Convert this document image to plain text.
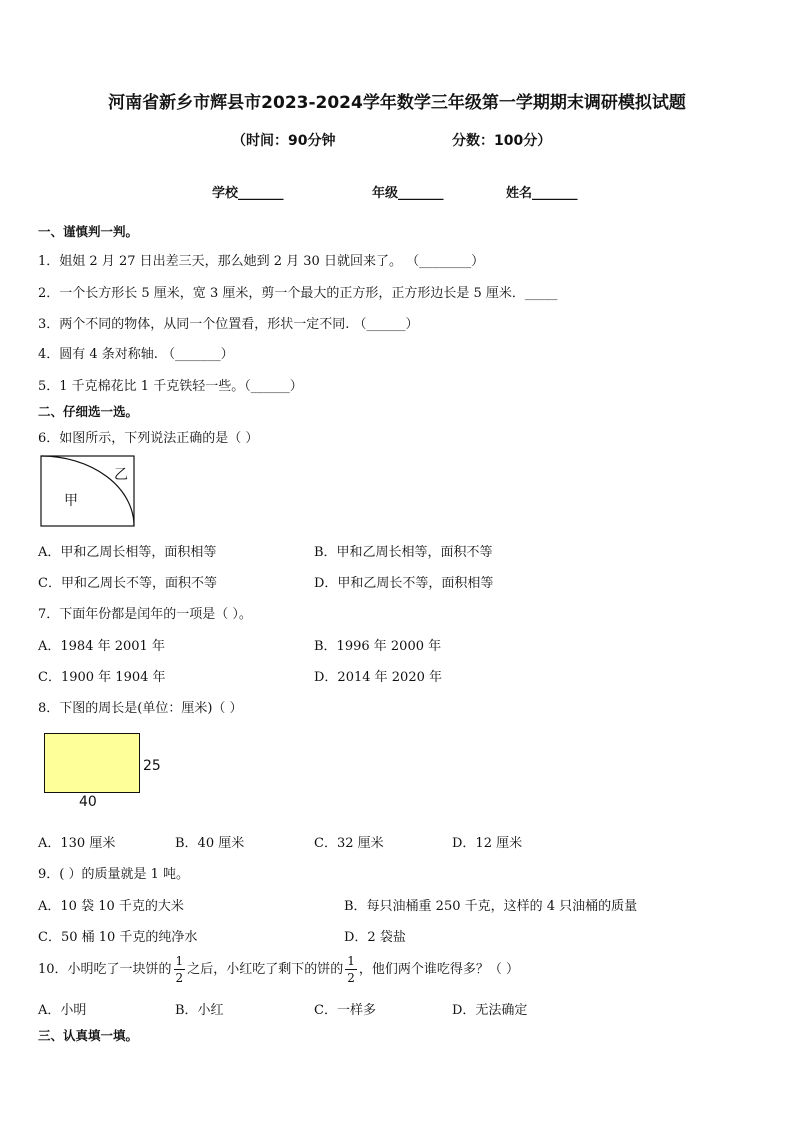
河南省新乡市辉县市2023-2024学年数学三年级第一学期期末调研模拟试题
（时间：90分钟	分数：100分）
学校_______	年级_______	姓名_______
一、谨慎判一判。
1．姐姐 2 月 27 日出差三天，那么她到 2 月 30 日就回来了。 （________）
2．一个长方形长 5 厘米，宽 3 厘米，剪一个最大的正方形，正方形边长是 5 厘米．_____
3．两个不同的物体，从同一个位置看，形状一定不同. （______）
4．圆有 4 条对称轴. （_______）
5．1 千克棉花比 1 千克铁轻一些。（______）
二、仔细选一选。
6．如图所示，下列说法正确的是（ ）
甲
乙
A．甲和乙周长相等，面积相等	B．甲和乙周长相等，面积不等
C．甲和乙周长不等，面积不等	D．甲和乙周长不等，面积相等
7．下面年份都是闰年的一项是（ ）。
A．1984 年 2001 年	B．1996 年 2000 年
C．1900 年 1904 年	D．2014 年 2020 年
8．下图的周长是(单位：厘米)（ ）
25
40
A．130 厘米	B．40 厘米	C．32 厘米	D．12 厘米
9．( ）的质量就是 1 吨。
A．10 袋 10 千克的大米	B．每只油桶重 250 千克，这样的 4 只油桶的质量
C．50 桶 10 千克的纯净水	D．2 袋盐
10．小明吃了一块饼的 $\frac{1}{2}$ 之后，小红吃了剩下的饼的 $\frac{1}{2}$ ，他们两个谁吃得多？（ ）
A．小明	B．小红	C．一样多	D．无法确定
三、认真填一填。
